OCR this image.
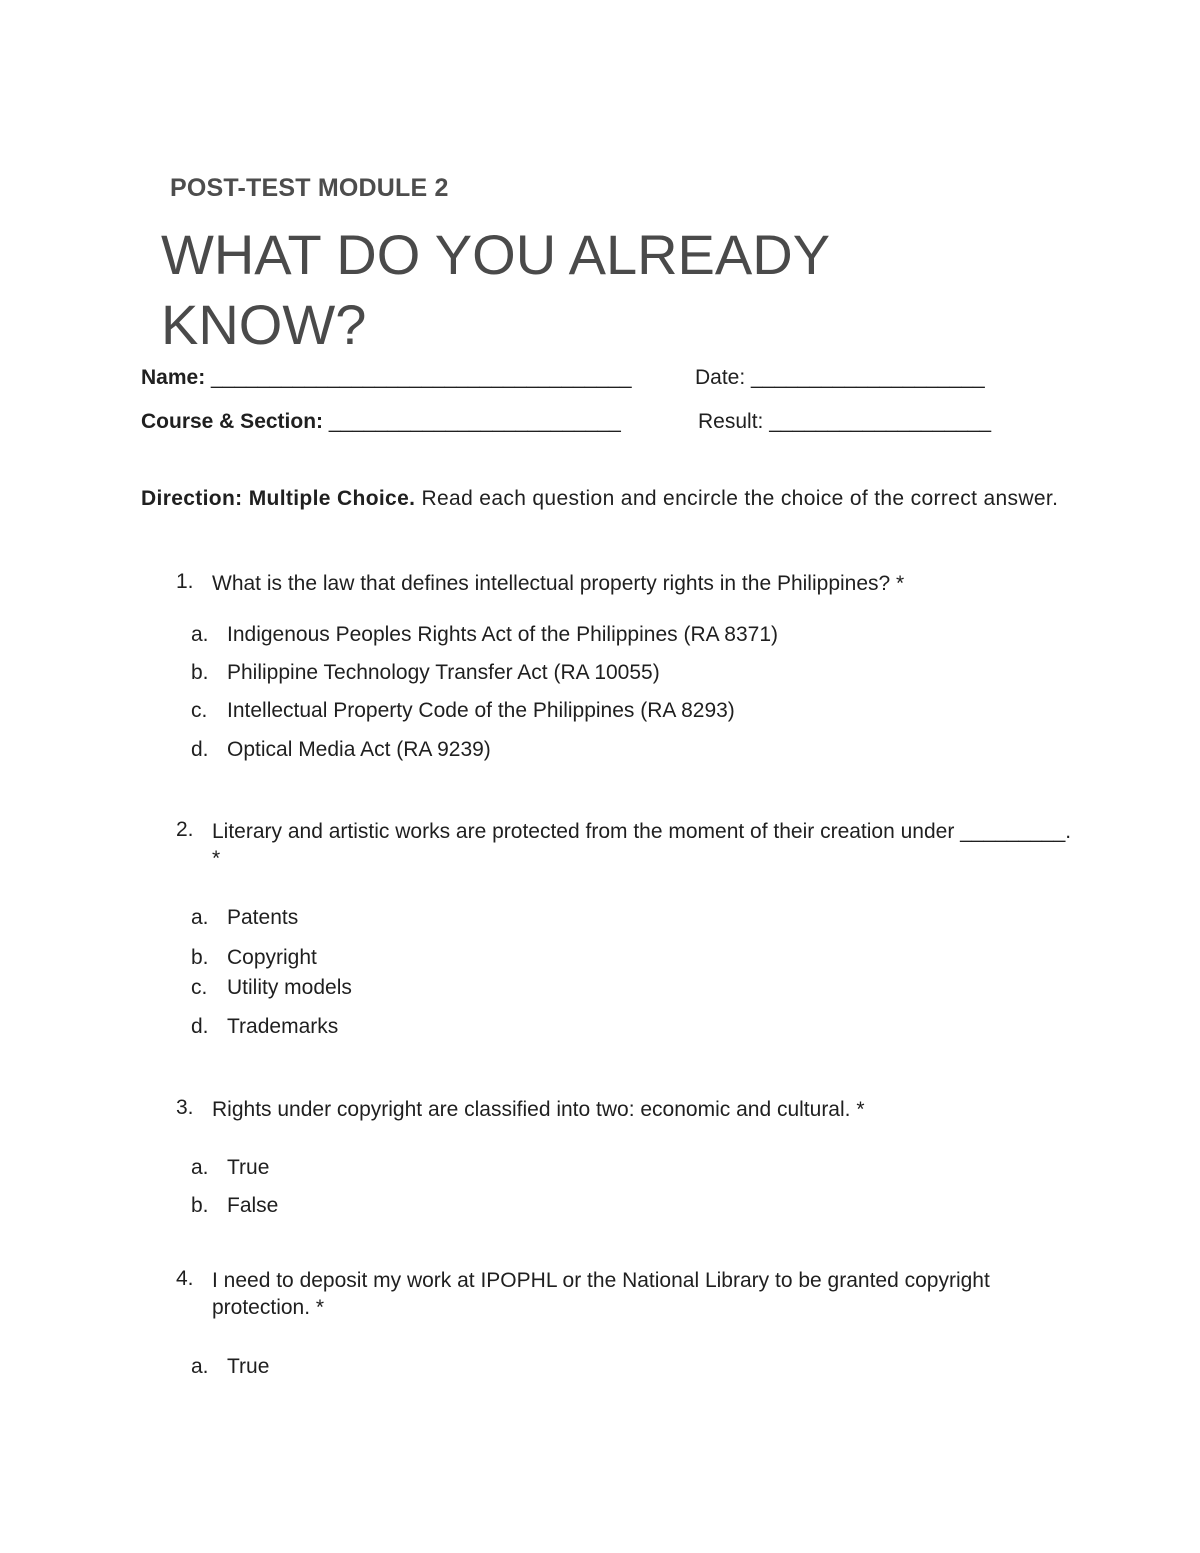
POST-TEST MODULE 2
WHAT DO YOU ALREADY KNOW?
Name: ____________________________________	Date: ____________________
Course & Section: _________________________	Result: ___________________
Direction: Multiple Choice. Read each question and encircle the choice of the correct answer.
1. What is the law that defines intellectual property rights in the Philippines? *
a. Indigenous Peoples Rights Act of the Philippines (RA 8371)
b. Philippine Technology Transfer Act (RA 10055)
c. Intellectual Property Code of the Philippines (RA 8293)
d. Optical Media Act (RA 9239)
2. Literary and artistic works are protected from the moment of their creation under _________. *
a. Patents
b. Copyright
c. Utility models
d. Trademarks
3. Rights under copyright are classified into two: economic and cultural. *
a. True
b. False
4. I need to deposit my work at IPOPHL or the National Library to be granted copyright protection. *
a. True
